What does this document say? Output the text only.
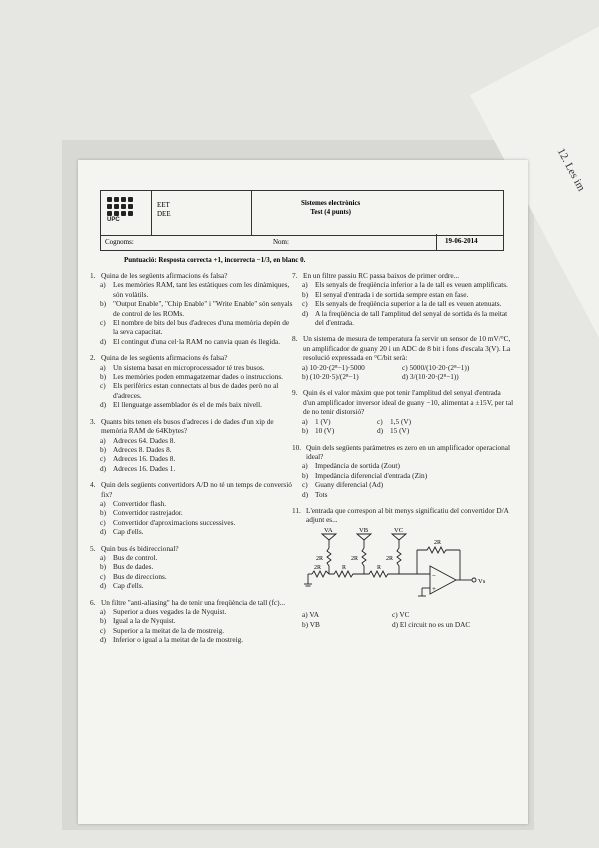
12. Les im
UPC
EET
DEE
Sistemes electrònics
Test (4 punts)
Cognoms:	Nom:	19-06-2014
Puntuació: Resposta correcta +1, incorrecta −1/3, en blanc 0.
1. Quina de les següents afirmacions és falsa?
a)	Les memòries RAM, tant les estàtiques com les dinàmiques, són volàtils.
b) "Output Enable", "Chip Enable" i "Write Enable" són senyals de control de les ROMs.
c)	El nombre de bits del bus d'adreces d'una memòria depèn de la seva capacitat.
d) El contingut d'una cel·la RAM no canvia quan és llegida.
2. Quina de les següents afirmacions és falsa?
a)	Un sistema basat en microprocessador té tres busos.
b) Les memòries poden emmagatzemar dades o instruccions.
c)	Els perifèrics estan connectats al bus de dades però no al d'adreces.
d) El llenguatge assemblador és el de més baix nivell.
3. Quants bits tenen els busos d'adreces i de dades d'un xip de memòria RAM de 64Kbytes?
a)	Adreces 64. Dades 8.
b) Adreces 8. Dades 8.
c)	Adreces 16. Dades 8.
d) Adreces 16. Dades 1.
4. Quin dels següents convertidors A/D no té un temps de conversió fix?
a)	Convertidor flash.
b) Convertidor rastrejador.
c)	Convertidor d'aproximacions successives.
d) Cap d'ells.
5. Quin bus és bidireccional?
a)	Bus de control.
b) Bus de dades.
c)	Bus de direccions.
d) Cap d'ells.
6. Un filtre "anti-aliasing" ha de tenir una freqüència de tall (fc)...
a)	Superior a dues vegades la de Nyquist.
b) Igual a la de Nyquist.
c)	Superior a la meitat de la de mostreig.
d) Inferior o igual a la meitat de la de mostreig.
7. En un filtre passiu RC passa baixos de primer ordre...
a)	Els senyals de freqüència inferior a la de tall es veuen amplificats.
b) El senyal d'entrada i de sortida sempre estan en fase.
c)	Els senyals de freqüència superior a la de tall es veuen atenuats.
d) A la freqüència de tall l'amplitud del senyal de sortida és la meitat del d'entrada.
8. Un sistema de mesura de temperatura fa servir un sensor de 10 mV/°C, un amplificador de guany 20 i un ADC de 8 bit i fons d'escala 3(V). La resolució expressada en °C/bit serà:
a) 10·20·(2⁸−1)·5000	c) 5000/(10·20·(2⁸−1))
b) (10·20·5)/(2⁸−1)	d) 3/(10·20·(2⁸−1))
9. Quin és el valor màxim que pot tenir l'amplitud del senyal d'entrada d'un amplificador inversor ideal de guany −10, alimentat a ±15V, per tal de no tenir distorsió?
a)	1 (V)	c)	1,5 (V)
b) 10 (V)	d) 15 (V)
10. Quin dels següents paràmetres es zero en un amplificador operacional ideal?
a)	Impedància de sortida (Zout)
b) Impedància diferencial d'entrada (Zin)
c)	Guany diferencial (Ad)
d) Tots
11. L'entrada que correspon al bit menys significatiu del convertidor D/A adjunt es...
−
+
VA	VB	VC
2R	2R	2R
2R	R	R
2R
Vs
a) VA	c) VC
b) VB	d) El circuit no es un DAC
